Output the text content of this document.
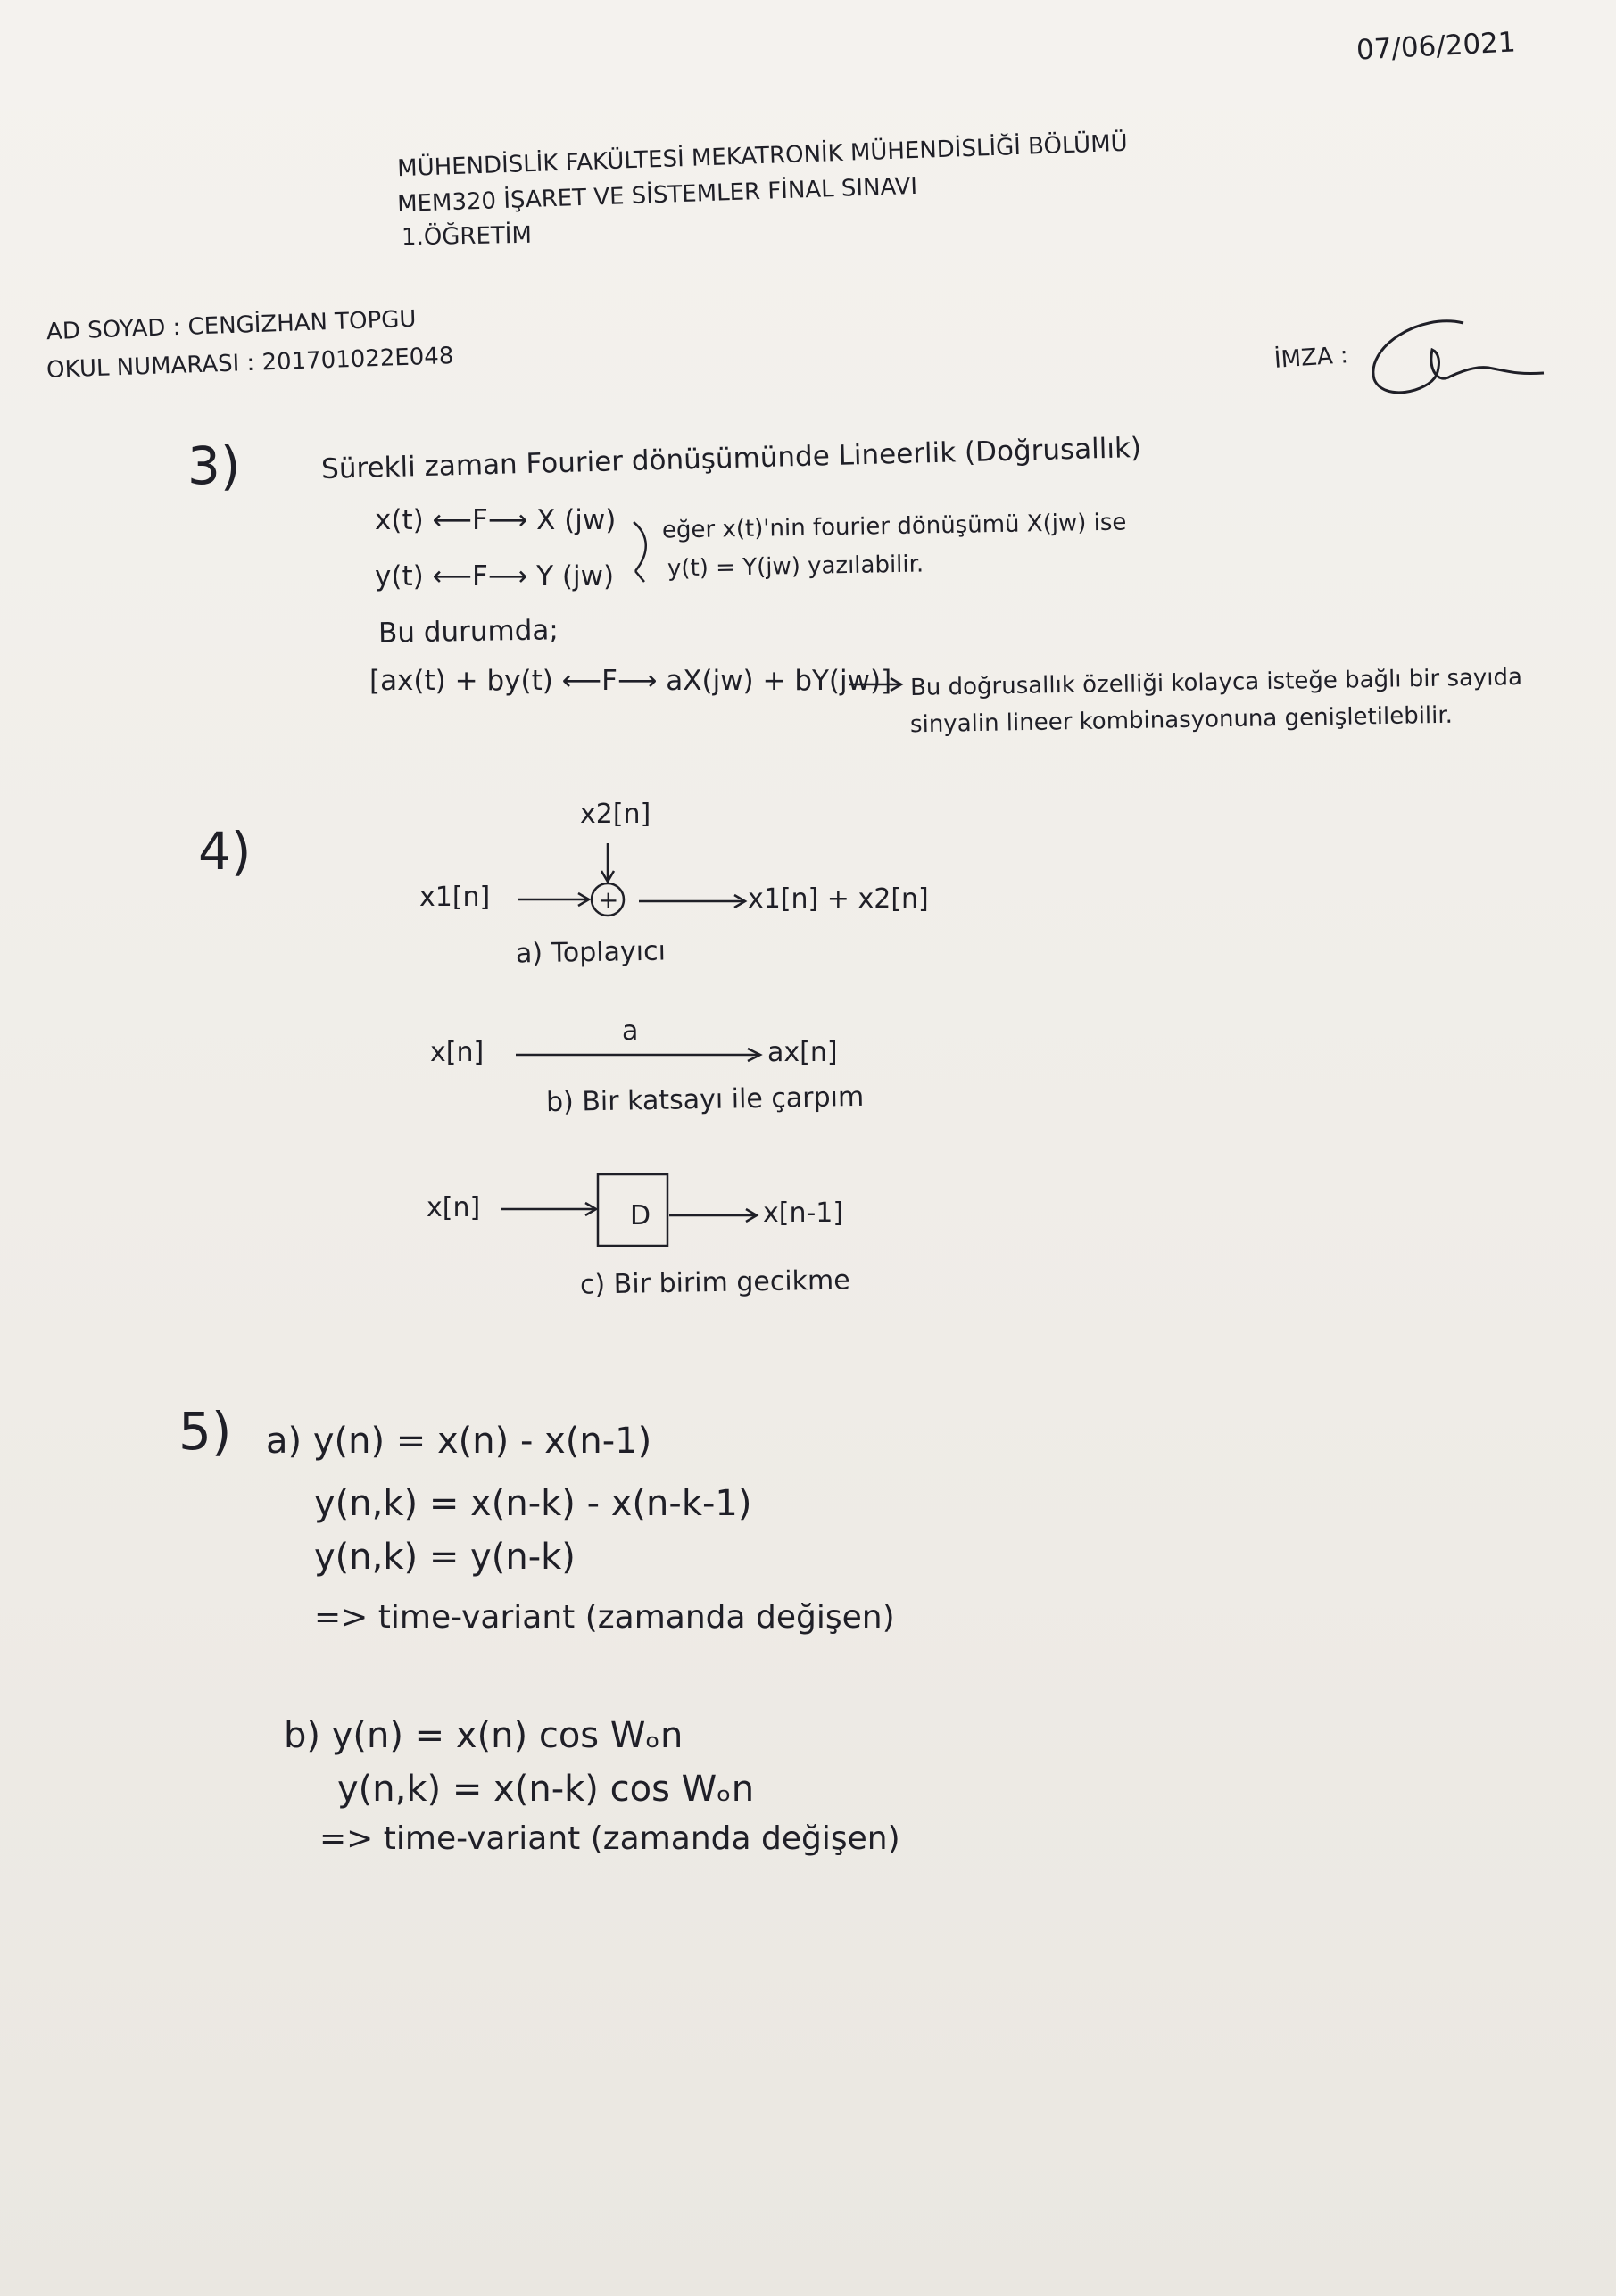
07/06/2021
MÜHENDİSLİK FAKÜLTESİ MEKATRONİK MÜHENDİSLİĞİ BÖLÜMÜ
MEM320 İŞARET VE SİSTEMLER FİNAL SINAVI
1.ÖĞRETİM
AD SOYAD : CENGİZHAN TOPGU
OKUL NUMARASI : 201701022E048	İMZA :
3)	Sürekli zaman Fourier dönüşümünde Lineerlik (Doğrusallık)
x(t) ⟵F⟶ X (jw)
y(t) ⟵F⟶ Y (jw)
eğer x(t)'nin fourier dönüşümü X(jw) ise
y(t) = Y(jw) yazılabilir.
Bu durumda;
[ax(t) + by(t) ⟵F⟶ aX(jw) + bY(jw)] Bu doğrusallık özelliği kolayca isteğe bağlı bir sayıda
sinyalin lineer kombinasyonuna genişletilebilir.
4)
x2[n]
x1[n]	x1[n] + x2[n]
+
a) Toplayıcı
x[n]
a
ax[n]
b) Bir katsayı ile çarpım
x[n]	D	x[n-1]
c) Bir birim gecikme
5) a) y(n) = x(n) - x(n-1)
y(n,k) = x(n-k) - x(n-k-1)
y(n,k) = y(n-k)
=> time-variant (zamanda değişen)
b) y(n) = x(n) cos Wₒn
y(n,k) = x(n-k) cos Wₒn
=> time-variant (zamanda değişen)
